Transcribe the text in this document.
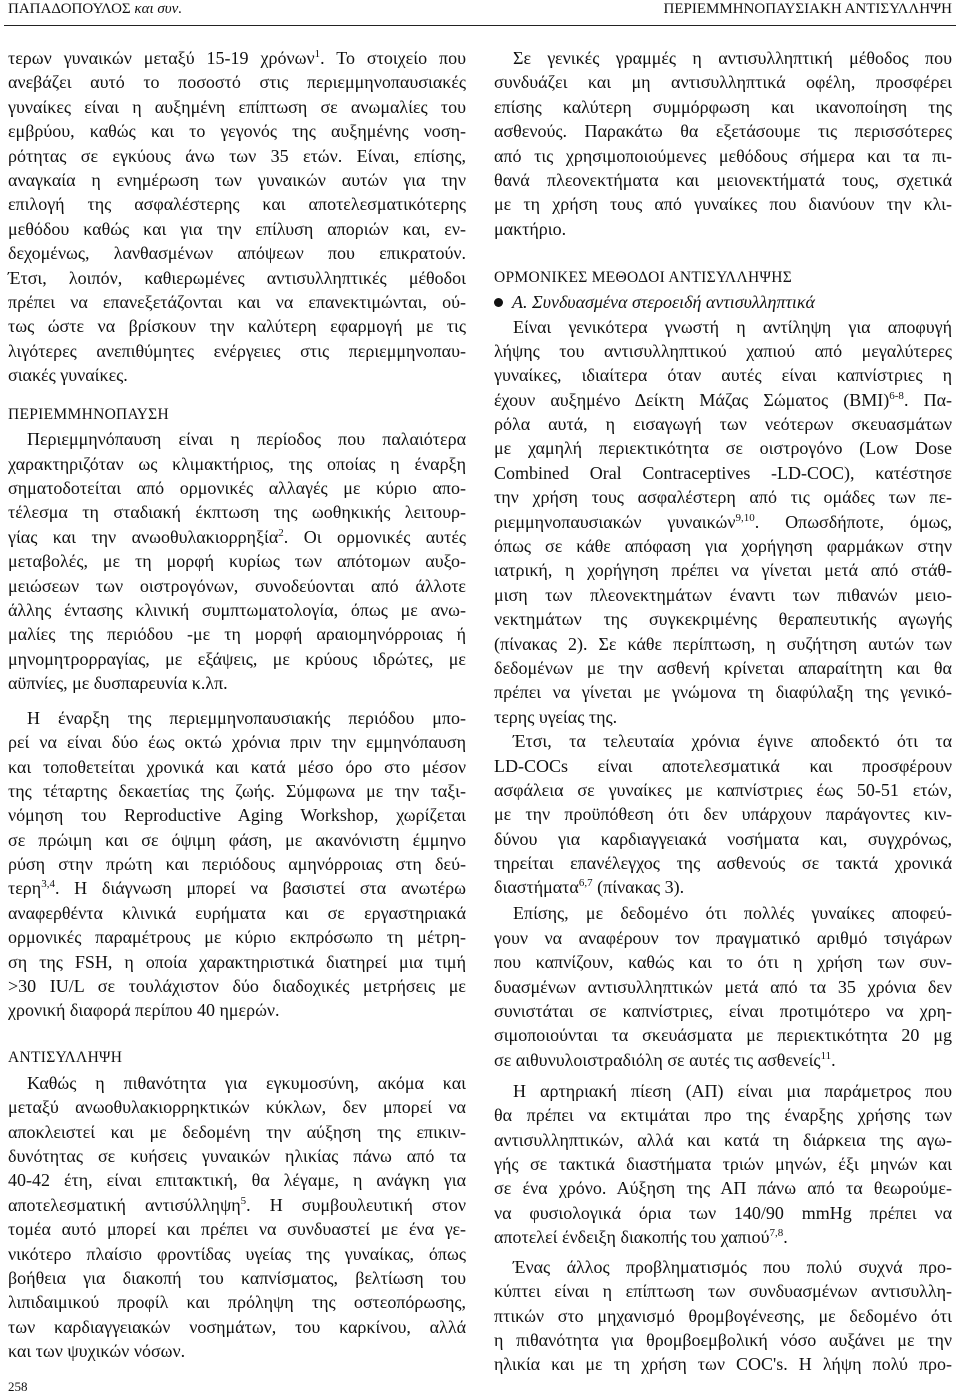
ΠΑΠΑΔΟΠΟΥΛΟΣ και συν.	ΠΕΡΙΕΜΜΗΝΟΠΑΥΣΙΑΚΗ ΑΝΤΙΣΥΛΛΗΨΗ
τερων γυναικών μεταξύ 15-19 χρόνων$^1$. Το στοιχείο που
ανεβάζει αυτό το ποσοστό στις περιεμμηνοπαυσιακές
γυναίκες είναι η αυξημένη επίπτωση σε ανωμαλίες του
εμβρύου, καθώς και το γεγονός της αυξημένης νοση-
ρότητας σε εγκύους άνω των 35 ετών. Είναι, επίσης,
αναγκαία η ενημέρωση των γυναικών αυτών για την
επιλογή της ασφαλέστερης και αποτελεσματικότερης
μεθόδου καθώς και για την επίλυση αποριών και, εν-
δεχομένως, λανθασμένων απόψεων που επικρατούν.
Έτσι, λοιπόν, καθιερωμένες αντισυλληπτικές μέθοδοι
πρέπει να επανεξετάζονται και να επανεκτιμώνται, ού-
τως ώστε να βρίσκουν την καλύτερη εφαρμογή με τις
λιγότερες ανεπιθύμητες ενέργειες στις περιεμμηνοπαυ-
σιακές γυναίκες.
ΠΕΡΙΕΜΜΗΝΟΠΑΥΣΗ
Περιεμμηνόπαυση είναι η περίοδος που παλαιότερα
χαρακτηριζόταν ως κλιμακτήριος, της οποίας η έναρξη
σηματοδοτείται από ορμονικές αλλαγές με κύριο απο-
τέλεσμα τη σταδιακή έκπτωση της ωοθηκικής λειτουρ-
γίας και την ανωοθυλακιορρηξία$^2$. Οι ορμονικές αυτές
μεταβολές, με τη μορφή κυρίως των απότομων αυξο-
μειώσεων των οιστρογόνων, συνοδεύονται από άλλοτε
άλλης έντασης κλινική συμπτωματολογία, όπως με ανω-
μαλίες της περιόδου -με τη μορφή αραιομηνόρροιας ή
μηνομητρορραγίας, με εξάψεις, με κρύους ιδρώτες, με
αϋπνίες, με δυσπαρευνία κ.λπ.
Η έναρξη της περιεμμηνοπαυσιακής περιόδου μπο-
ρεί να είναι δύο έως οκτώ χρόνια πριν την εμμηνόπαυση
και τοποθετείται χρονικά και κατά μέσο όρο στο μέσον
της τέταρτης δεκαετίας της ζωής. Σύμφωνα με την ταξι-
νόμηση του Reproductive Aging Workshop, χωρίζεται
σε πρώιμη και σε όψιμη φάση, με ακανόνιστη έμμηνο
ρύση στην πρώτη και περιόδους αμηνόρροιας στη δεύ-
τερη$^{3,4}$. Η διάγνωση μπορεί να βασιστεί στα ανωτέρω
αναφερθέντα κλινικά ευρήματα και σε εργαστηριακά
ορμονικές παραμέτρους με κύριο εκπρόσωπο τη μέτρη-
ση της FSH, η οποία χαρακτηριστικά διατηρεί μια τιμή
>30 IU/L σε τουλάχιστον δύο διαδοχικές μετρήσεις με
χρονική διαφορά περίπου 40 ημερών.
ΑΝΤΙΣΥΛΛΗΨΗ
Καθώς η πιθανότητα για εγκυμοσύνη, ακόμα και
μεταξύ ανωοθυλακιορρηκτικών κύκλων, δεν μπορεί να
αποκλειστεί και με δεδομένη την αύξηση της επικιν-
δυνότητας σε κυήσεις γυναικών ηλικίας πάνω από τα
40-42 έτη, είναι επιτακτική, θα λέγαμε, η ανάγκη για
αποτελεσματική αντισύλληψη$^5$. Η συμβουλευτική στον
τομέα αυτό μπορεί και πρέπει να συνδυαστεί με ένα γε-
νικότερο πλαίσιο φροντίδας υγείας της γυναίκας, όπως
βοήθεια για διακοπή του καπνίσματος, βελτίωση του
λιπιδαιμικού προφίλ και πρόληψη της οστεοπόρωσης,
των καρδιαγγειακών νοσημάτων, του καρκίνου, αλλά
και των ψυχικών νόσων.
Σε γενικές γραμμές η αντισυλληπτική μέθοδος που
συνδυάζει και μη αντισυλληπτικά οφέλη, προσφέρει
επίσης καλύτερη συμμόρφωση και ικανοποίηση της
ασθενούς. Παρακάτω θα εξετάσουμε τις περισσότερες
από τις χρησιμοποιούμενες μεθόδους σήμερα και τα πι-
θανά πλεονεκτήματα και μειονεκτήματά τους, σχετικά
με τη χρήση τους από γυναίκες που διανύουν την κλι-
μακτήριο.
ΟΡΜΟΝΙΚΕΣ ΜΕΘΟΔΟΙ ΑΝΤΙΣΥΛΛΗΨΗΣ
Α. Συνδυασμένα στεροειδή αντισυλληπτικά
Είναι γενικότερα γνωστή η αντίληψη για αποφυγή
λήψης του αντισυλληπτικού χαπιού από μεγαλύτερες
γυναίκες, ιδιαίτερα όταν αυτές είναι καπνίστριες η
έχουν αυξημένο Δείκτη Μάζας Σώματος (BMI)$^{6-8}$. Πα-
ρόλα αυτά, η εισαγωγή των νεότερων σκευασμάτων
με χαμηλή περιεκτικότητα σε οιστρογόνο (Low Dose
Combined Oral Contraceptives -LD-COC), κατέστησε
την χρήση τους ασφαλέστερη από τις ομάδες των πε-
ριεμμηνοπαυσιακών γυναικών$^{9,10}$. Οπωσδήποτε, όμως,
όπως σε κάθε απόφαση για χορήγηση φαρμάκων στην
ιατρική, η χορήγηση πρέπει να γίνεται μετά από στάθ-
μιση των πλεονεκτημάτων έναντι των πιθανών μειο-
νεκτημάτων της συγκεκριμένης θεραπευτικής αγωγής
(πίνακας 2). Σε κάθε περίπτωση, η συζήτηση αυτών των
δεδομένων με την ασθενή κρίνεται απαραίτητη και θα
πρέπει να γίνεται με γνώμονα τη διαφύλαξη της γενικό-
τερης υγείας της.
Έτσι, τα τελευταία χρόνια έγινε αποδεκτό ότι τα
LD-COCs είναι αποτελεσματικά και προσφέρουν
ασφάλεια σε γυναίκες με καπνίστριες έως 50-51 ετών,
με την προϋπόθεση ότι δεν υπάρχουν παράγοντες κιν-
δύνου για καρδιαγγειακά νοσήματα και, συγχρόνως,
τηρείται επανέλεγχος της ασθενούς σε τακτά χρονικά
διαστήματα$^{6,7}$ (πίνακας 3).
Επίσης, με δεδομένο ότι πολλές γυναίκες αποφεύ-
γουν να αναφέρουν τον πραγματικό αριθμό τσιγάρων
που καπνίζουν, καθώς και το ότι η χρήση των συν-
δυασμένων αντισυλληπτικών μετά από τα 35 χρόνια δεν
συνιστάται σε καπνίστριες, είναι προτιμότερο να χρη-
σιμοποιούνται τα σκευάσματα με περιεκτικότητα 20 μg
σε αιθυνυλοιστραδιόλη σε αυτές τις ασθενείς$^{11}$.
Η αρτηριακή πίεση (ΑΠ) είναι μια παράμετρος που
θα πρέπει να εκτιμάται προ της έναρξης χρήσης των
αντισυλληπτικών, αλλά και κατά τη διάρκεια της αγω-
γής σε τακτικά διαστήματα τριών μηνών, έξι μηνών και
σε ένα χρόνο. Αύξηση της ΑΠ πάνω από τα θεωρούμε-
να φυσιολογικά όρια των 140/90 mmHg πρέπει να
αποτελεί ένδειξη διακοπής του χαπιού$^{7,8}$.
Ένας άλλος προβληματισμός που πολύ συχνά προ-
κύπτει είναι η επίπτωση των συνδυασμένων αντισυλλη-
πτικών στο μηχανισμό θρομβογένεσης, με δεδομένο ότι
η πιθανότητα για θρομβοεμβολική νόσο αυξάνει με την
ηλικία και με τη χρήση των COC's. Η λήψη πολύ προ-
258
